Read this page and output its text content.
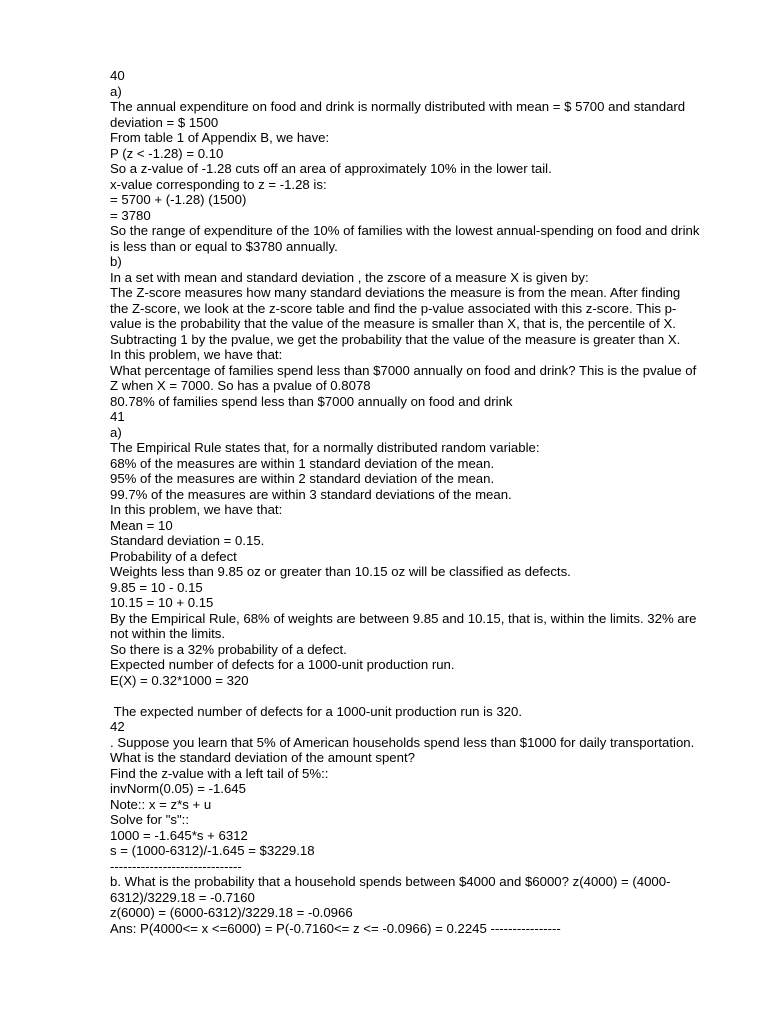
40
a)
The annual expenditure on food and drink is normally distributed with mean = $ 5700 and standard deviation = $ 1500
From table 1 of Appendix B, we have:
P (z < -1.28) = 0.10
So a z-value of -1.28 cuts off an area of approximately 10% in the lower tail.
x-value corresponding to z = -1.28 is:
= 5700 + (-1.28) (1500)
= 3780
So the range of expenditure of the 10% of families with the lowest annual-spending on food and drink is less than or equal to $3780 annually.
b)
In a set with mean and standard deviation , the zscore of a measure X is given by:
The Z-score measures how many standard deviations the measure is from the mean. After finding the Z-score, we look at the z-score table and find the p-value associated with this z-score. This p-value is the probability that the value of the measure is smaller than X, that is, the percentile of X. Subtracting 1 by the pvalue, we get the probability that the value of the measure is greater than X.
In this problem, we have that:
What percentage of families spend less than $7000 annually on food and drink? This is the pvalue of Z when X = 7000. So has a pvalue of 0.8078
80.78% of families spend less than $7000 annually on food and drink
41
a)
The Empirical Rule states that, for a normally distributed random variable:
68% of the measures are within 1 standard deviation of the mean.
95% of the measures are within 2 standard deviation of the mean.
99.7% of the measures are within 3 standard deviations of the mean.
In this problem, we have that:
Mean = 10
Standard deviation = 0.15.
Probability of a defect
Weights less than 9.85 oz or greater than 10.15 oz will be classified as defects.
9.85 = 10 - 0.15
10.15 = 10 + 0.15
By the Empirical Rule, 68% of weights are between 9.85 and 10.15, that is, within the limits. 32% are not within the limits.
So there is a 32% probability of a defect.
Expected number of defects for a 1000-unit production run.
E(X) = 0.32*1000 = 320
The expected number of defects for a 1000-unit production run is 320.
42
. Suppose you learn that 5% of American households spend less than $1000 for daily transportation. What is the standard deviation of the amount spent?
Find the z-value with a left tail of 5%::
invNorm(0.05) = -1.645
Note:: x = z*s + u
Solve for "s"::
1000 = -1.645*s + 6312
s = (1000-6312)/-1.645 = $3229.18
------------------------------
b. What is the probability that a household spends between $4000 and $6000? z(4000) = (4000-6312)/3229.18 = -0.7160
z(6000) = (6000-6312)/3229.18 = -0.0966
Ans: P(4000<= x <=6000) = P(-0.7160<= z <= -0.0966) = 0.2245 ----------------
